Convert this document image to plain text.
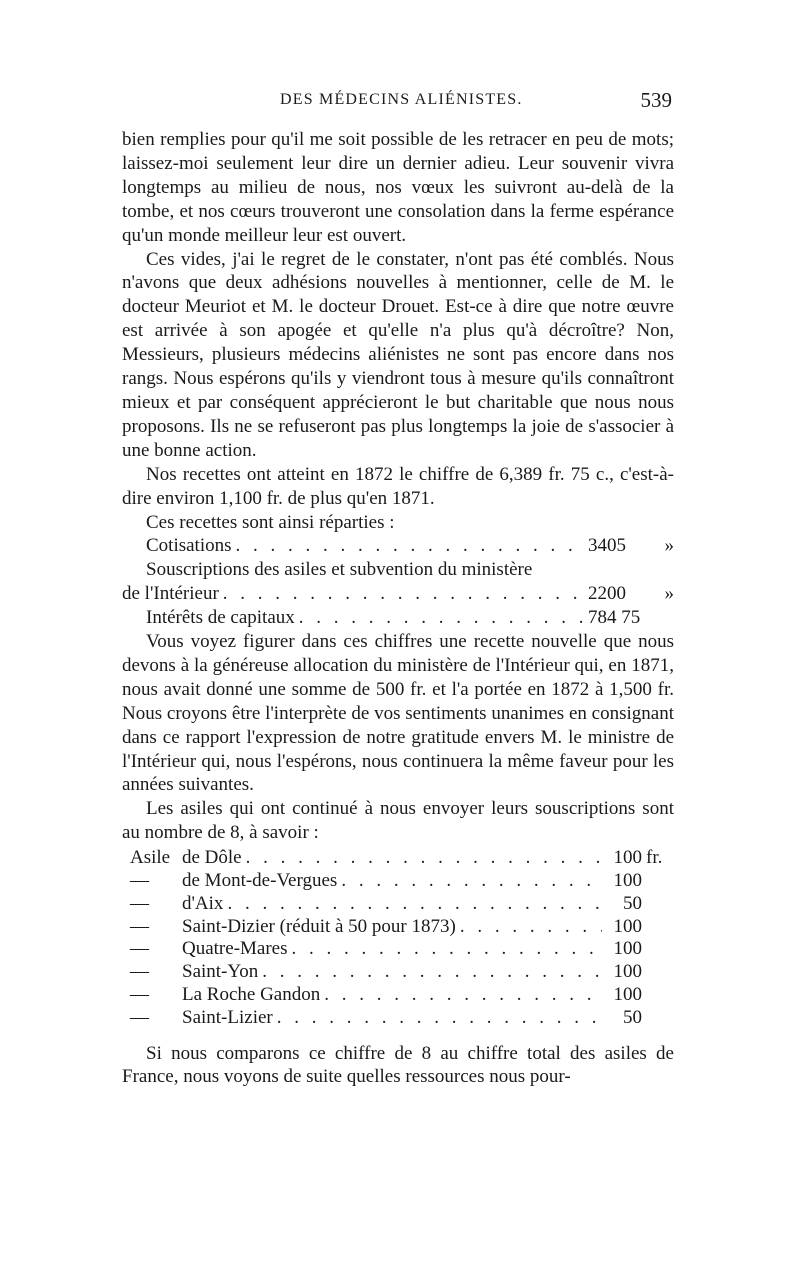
DES MÉDECINS ALIÉNISTES.	539

bien remplies pour qu'il me soit possible de les retracer en peu de mots; laissez-moi seulement leur dire un dernier adieu. Leur souvenir vivra longtemps au milieu de nous, nos vœux les suivront au-delà de la tombe, et nos cœurs trouveront une consolation dans la ferme espérance qu'un monde meilleur leur est ouvert.

Ces vides, j'ai le regret de le constater, n'ont pas été comblés. Nous n'avons que deux adhésions nouvelles à mentionner, celle de M. le docteur Meuriot et M. le docteur Drouet. Est-ce à dire que notre œuvre est arrivée à son apogée et qu'elle n'a plus qu'à décroître? Non, Messieurs, plusieurs médecins aliénistes ne sont pas encore dans nos rangs. Nous espérons qu'ils y viendront tous à mesure qu'ils connaîtront mieux et par conséquent apprécieront le but charitable que nous nous proposons. Ils ne se refuseront pas plus longtemps la joie de s'associer à une bonne action.

Nos recettes ont atteint en 1872 le chiffre de 6,389 fr. 75 c., c'est-à-dire environ 1,100 fr. de plus qu'en 1871.

Ces recettes sont ainsi réparties :

Cotisations . . .	3405	»
Souscriptions des asiles et subvention du ministère
de l'Intérieur . . .	2200	»
Intérêts de capitaux . . .	784 75

Vous voyez figurer dans ces chiffres une recette nouvelle que nous devons à la généreuse allocation du ministère de l'Intérieur qui, en 1871, nous avait donné une somme de 500 fr. et l'a portée en 1872 à 1,500 fr. Nous croyons être l'interprète de vos sentiments unanimes en consignant dans ce rapport l'expression de notre gratitude envers M. le ministre de l'Intérieur qui, nous l'espérons, nous continuera la même faveur pour les années suivantes.

Les asiles qui ont continué à nous envoyer leurs souscriptions sont au nombre de 8, à savoir :

Asile de Dôle . . .	100 fr.
—	de Mont-de-Vergues . . .	100
—	d'Aix . . .	50
—	Saint-Dizier (réduit à 50 pour 1873) . . .	100
—	Quatre-Mares . . .	100
—	Saint-Yon . . .	100
—	La Roche Gandon . . .	100
—	Saint-Lizier . . .	50

Si nous comparons ce chiffre de 8 au chiffre total des asiles de France, nous voyons de suite quelles ressources nous pour-
